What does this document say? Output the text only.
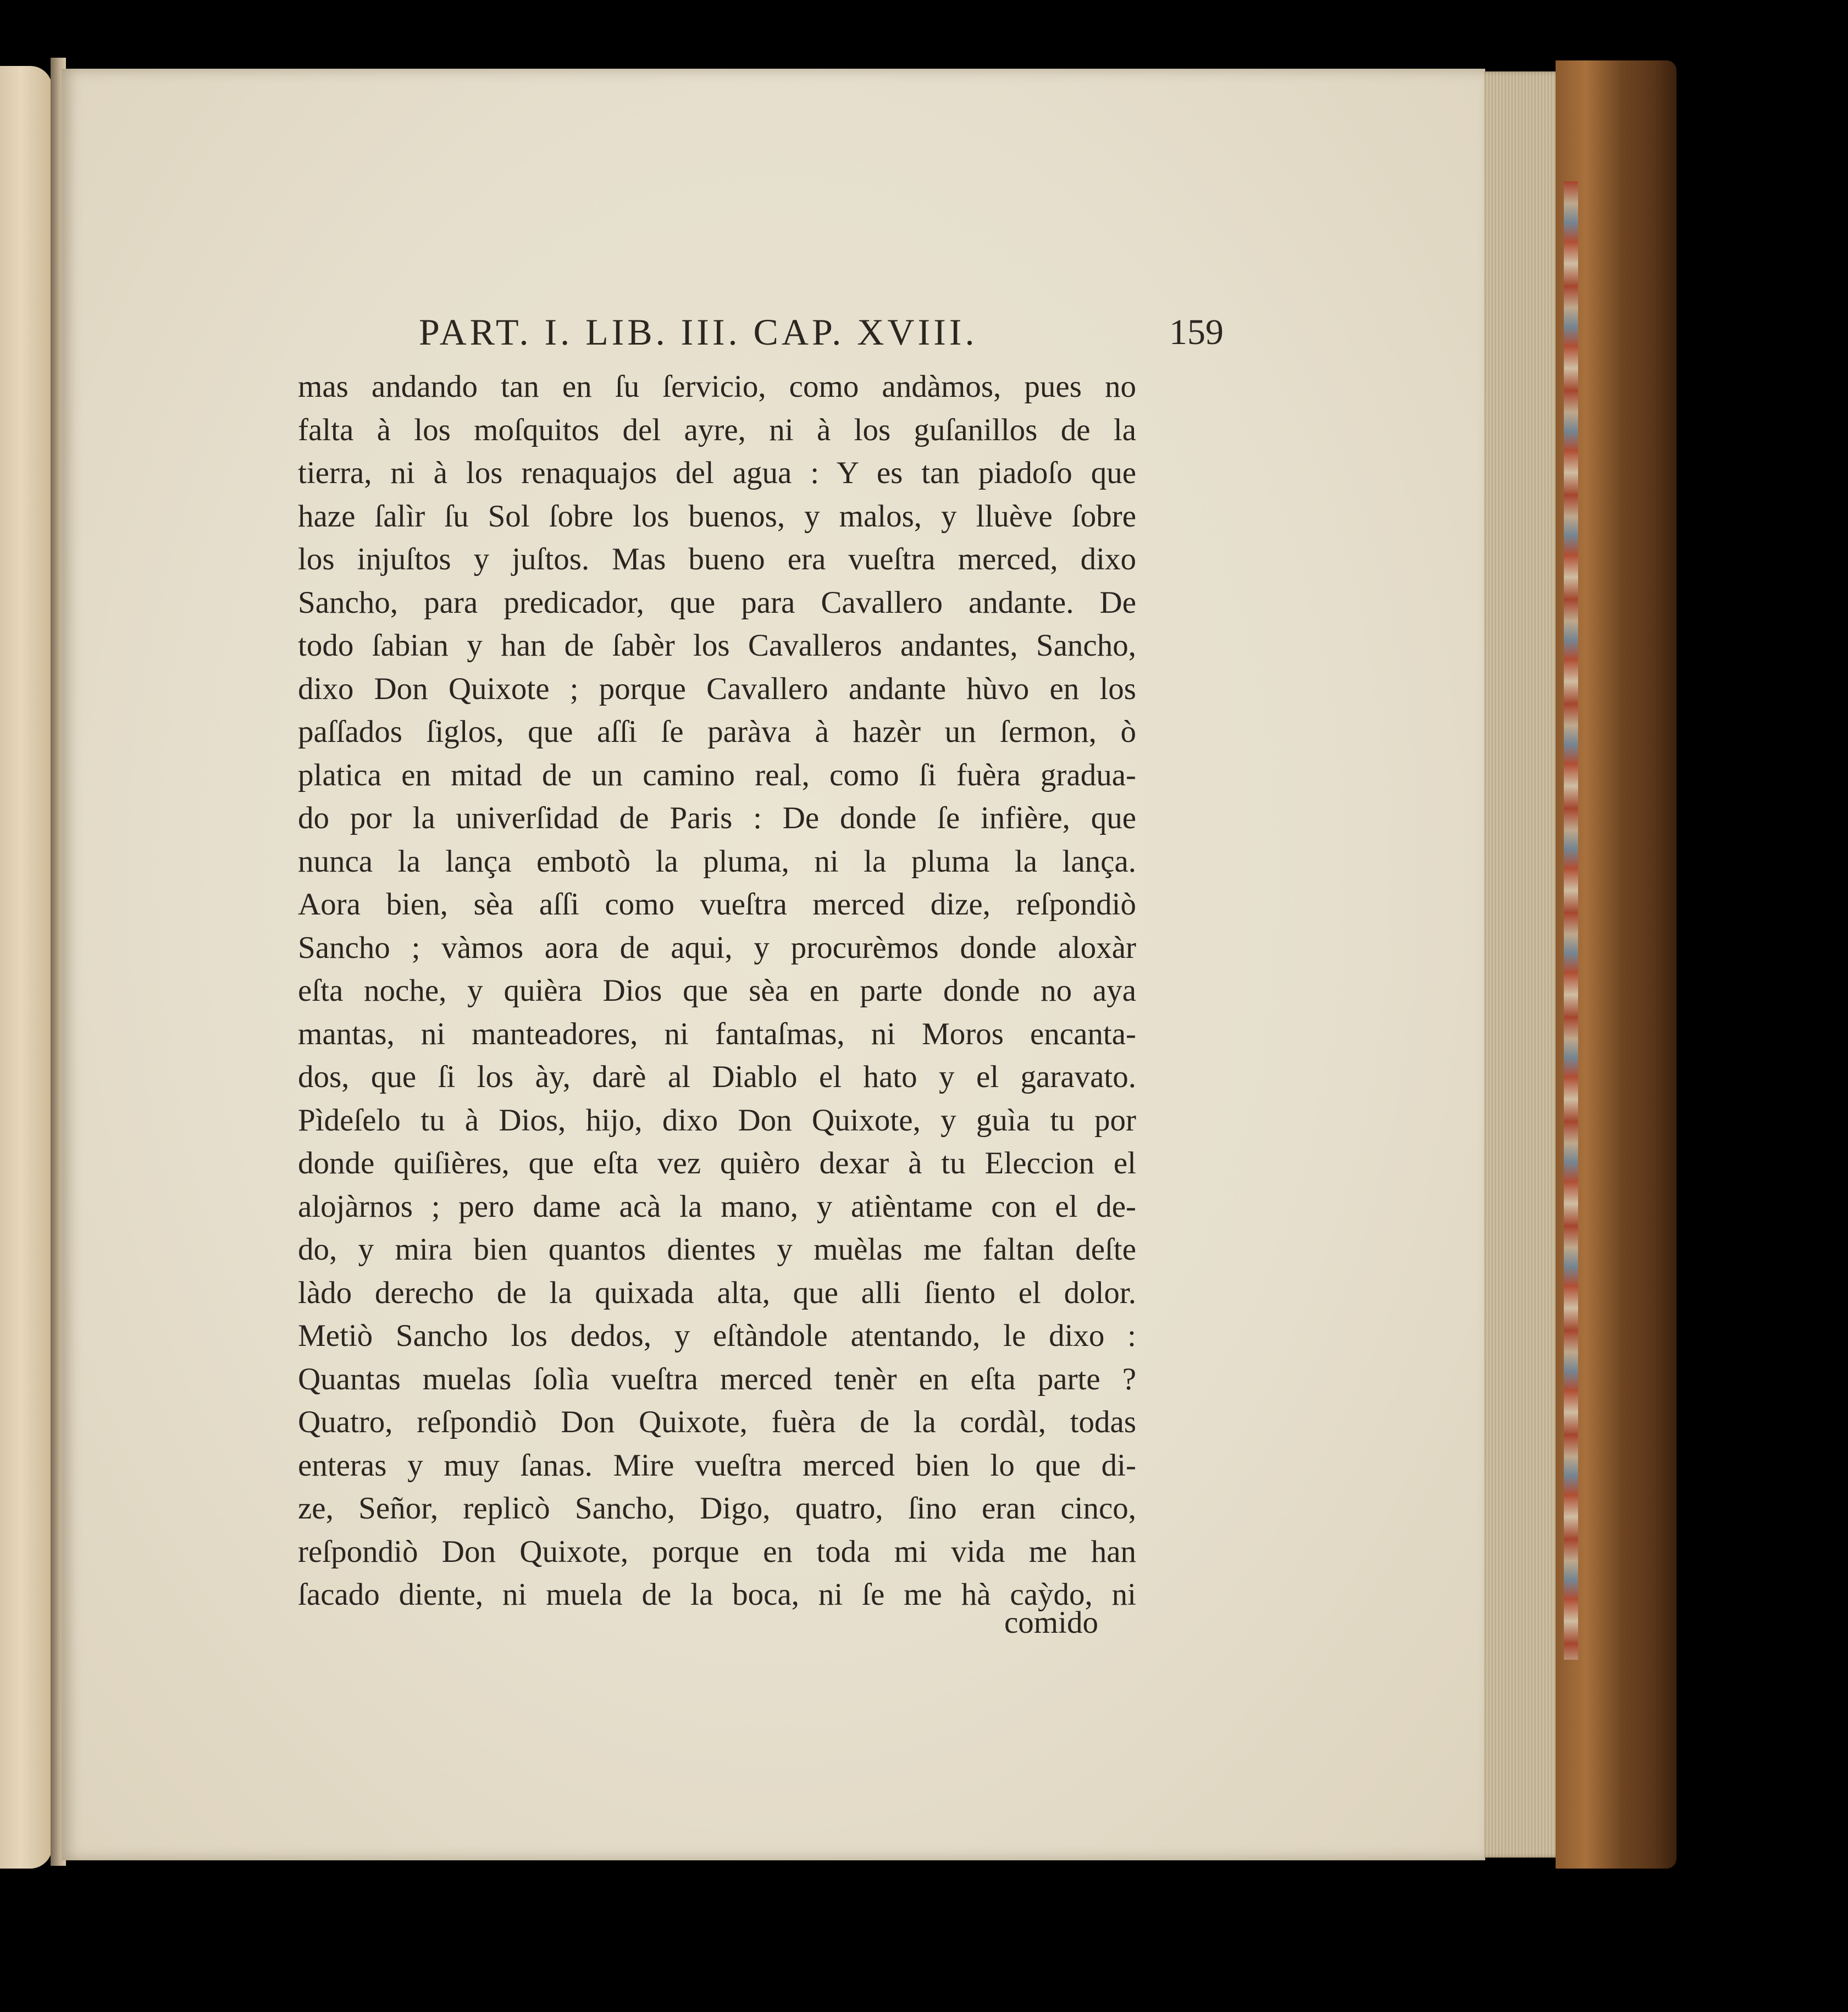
PART. I. LIB. III. CAP. XVIII.	159
mas andando tan en ſu ſervicio, como andàmos, pues no
falta à los moſquitos del ayre, ni à los guſanillos de la
tierra, ni à los renaquajos del agua : Y es tan piadoſo que
haze ſalìr ſu Sol ſobre los buenos, y malos, y lluève ſobre
los injuſtos y juſtos. Mas bueno era vueſtra merced, dixo
Sancho, para predicador, que para Cavallero andante. De
todo ſabian y han de ſabèr los Cavalleros andantes, Sancho,
dixo Don Quixote ; porque Cavallero andante hùvo en los
paſſados ſiglos, que aſſi ſe paràva à hazèr un ſermon, ò
platica en mitad de un camino real, como ſi fuèra gradua-
do por la univerſidad de Paris : De donde ſe infière, que
nunca la lança embotò la pluma, ni la pluma la lança.
Aora bien, sèa aſſi como vueſtra merced dize, reſpondiò
Sancho ; vàmos aora de aqui, y procurèmos donde aloxàr
eſta noche, y quièra Dios que sèa en parte donde no aya
mantas, ni manteadores, ni fantaſmas, ni Moros encanta-
dos, que ſi los ày, darè al Diablo el hato y el garavato.
Pìdeſelo tu à Dios, hijo, dixo Don Quixote, y guìa tu por
donde quiſières, que eſta vez quièro dexar à tu Eleccion el
alojàrnos ; pero dame acà la mano, y atièntame con el de-
do, y mira bien quantos dientes y muèlas me faltan deſte
làdo derecho de la quixada alta, que alli ſiento el dolor.
Metiò Sancho los dedos, y eſtàndole atentando, le dixo :
Quantas muelas ſolìa vueſtra merced tenèr en eſta parte ?
Quatro, reſpondiò Don Quixote, fuèra de la cordàl, todas
enteras y muy ſanas. Mire vueſtra merced bien lo que di-
ze, Señor, replicò Sancho, Digo, quatro, ſino eran cinco,
reſpondiò Don Quixote, porque en toda mi vida me han
ſacado diente, ni muela de la boca, ni ſe me hà caỳdo, ni
comido
